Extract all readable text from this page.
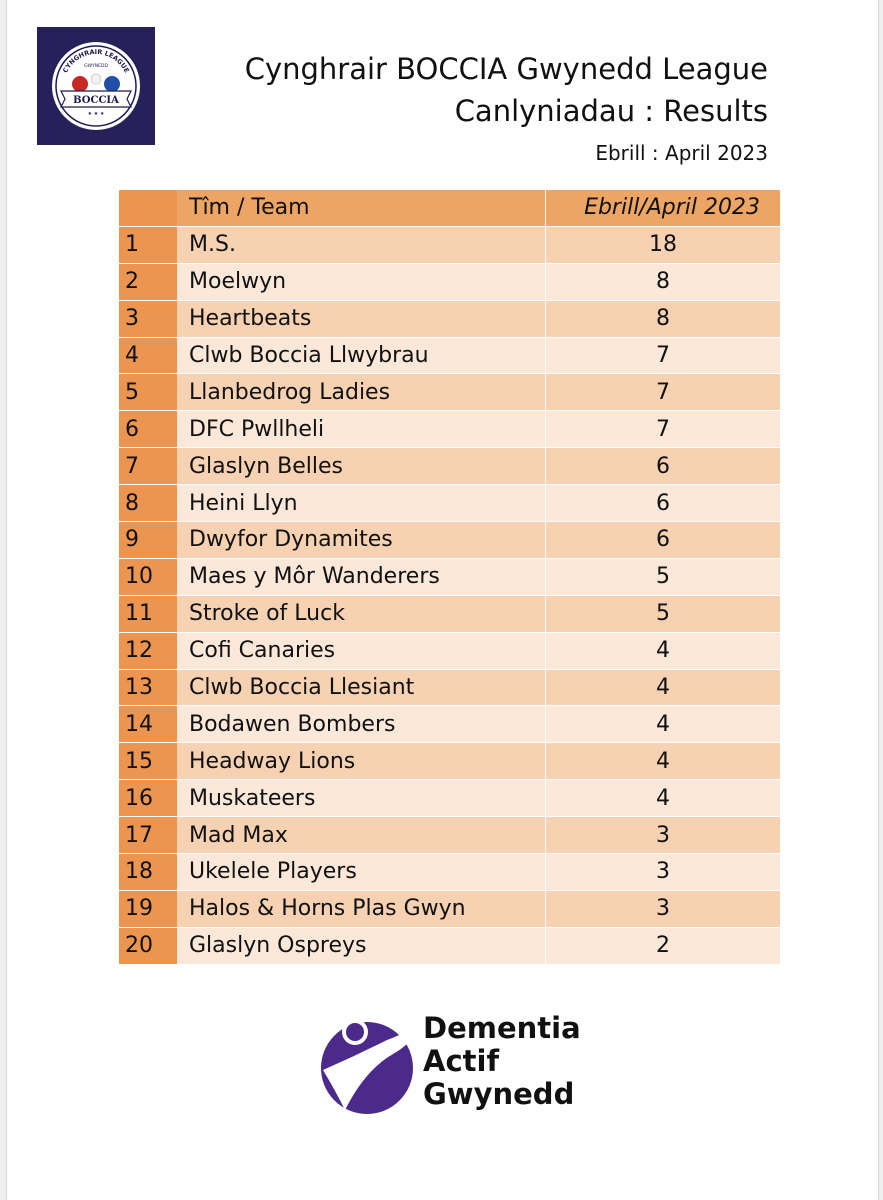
CYNGHRAIR LEAGUE
GWYNEDD
BOCCIA
★ ★ ★
Cynghrair BOCCIA Gwynedd League
Canlyniadau : Results
Ebrill : April 2023
	Tîm / Team	Ebrill/April 2023
1	M.S.	18
2	Moelwyn	8
3	Heartbeats	8
4	Clwb Boccia Llwybrau	7
5	Llanbedrog Ladies	7
6	DFC Pwllheli	7
7	Glaslyn Belles	6
8	Heini Llyn	6
9	Dwyfor Dynamites	6
10	Maes y Môr Wanderers	5
11	Stroke of Luck	5
12	Cofi Canaries	4
13	Clwb Boccia Llesiant	4
14	Bodawen Bombers	4
15	Headway Lions	4
16	Muskateers	4
17	Mad Max	3
18	Ukelele Players	3
19	Halos & Horns Plas Gwyn	3
20	Glaslyn Ospreys	2
Dementia
Actif
Gwynedd
